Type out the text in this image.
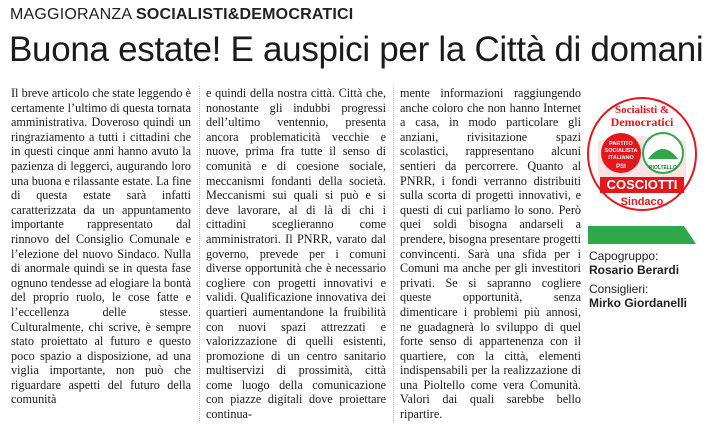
MAGGIORANZA SOCIALISTI&DEMOCRATICI
Buona estate! E auspici per la Città di domani
Il breve articolo che state leggendo è certamente l’ultimo di questa tornata amministrativa. Doveroso quindi un ringraziamento a tutti i cittadini che in questi cinque anni hanno avuto la pazienza di leggerci, augurando loro una buona e rilassante estate. La fine di questa estate sarà infatti caratterizzata da un appuntamento importante rappresentato dal rinnovo del Consiglio Comunale e l’elezione del nuovo Sindaco. Nulla di anormale quindi se in questa fase ognuno tendesse ad elogiare la bontà del proprio ruolo, le cose fatte e l’eccellenza delle stesse. Culturalmente, chi scrive, è sempre stato proiettato al futuro e questo poco spazio a disposizione, ad una viglia importante, non può che riguardare aspetti del futuro della comunità
e quindi della nostra città. Città che, nonostante gli indubbi progressi dell’ultimo ventennio, presenta ancora problematicità vecchie e nuove, prima fra tutte il senso di comunità e di coesione sociale, meccanismi fondanti della società. Meccanismi sui quali si può e si deve lavorare, al di là di chi i cittadini sceglieranno come amministratori. Il PNRR, varato dal governo, prevede per i comuni diverse opportunità che è necessario cogliere con progetti innovativi e validi. Qualificazione innovativa dei quartieri aumentandone la fruibilità con nuovi spazi attrezzati e valorizzazione di quelli esistenti, promozione di un centro sanitario multiservizi di prossimità, città come luogo della comunicazione con piazze digitali dove proiettare continua-
mente informazioni raggiungendo anche coloro che non hanno Internet a casa, in modo particolare gli anziani, rivisitazione spazi scolastici, rappresentano alcuni sentieri da percorrere. Quanto al PNRR, i fondi verranno distribuiti sulla scorta di progetti innovativi, e questi di cui parliamo lo sono. Però quei soldi bisogna andarseli a prendere, bisogna presentare progetti convincenti. Sarà una sfida per i Comuni ma anche per gli investitori privati. Se si sapranno cogliere queste opportunità, senza dimenticare i problemi più annosi, ne guadagnerà lo sviluppo di quel forte senso di appartenenza con il quartiere, con la città, elementi indispensabili per la realizzazione di una Pioltello come vera Comunità. Valori dai quali sarebbe bello ripartire.
Socialisti &
Democratici
PARTITO
SOCIALISTA
ITALIANO
PSI	PIOLTELLO
COSCIOTTI
Sindaco
Capogruppo:
Rosario Berardi
Consiglieri:
Mirko Giordanelli
